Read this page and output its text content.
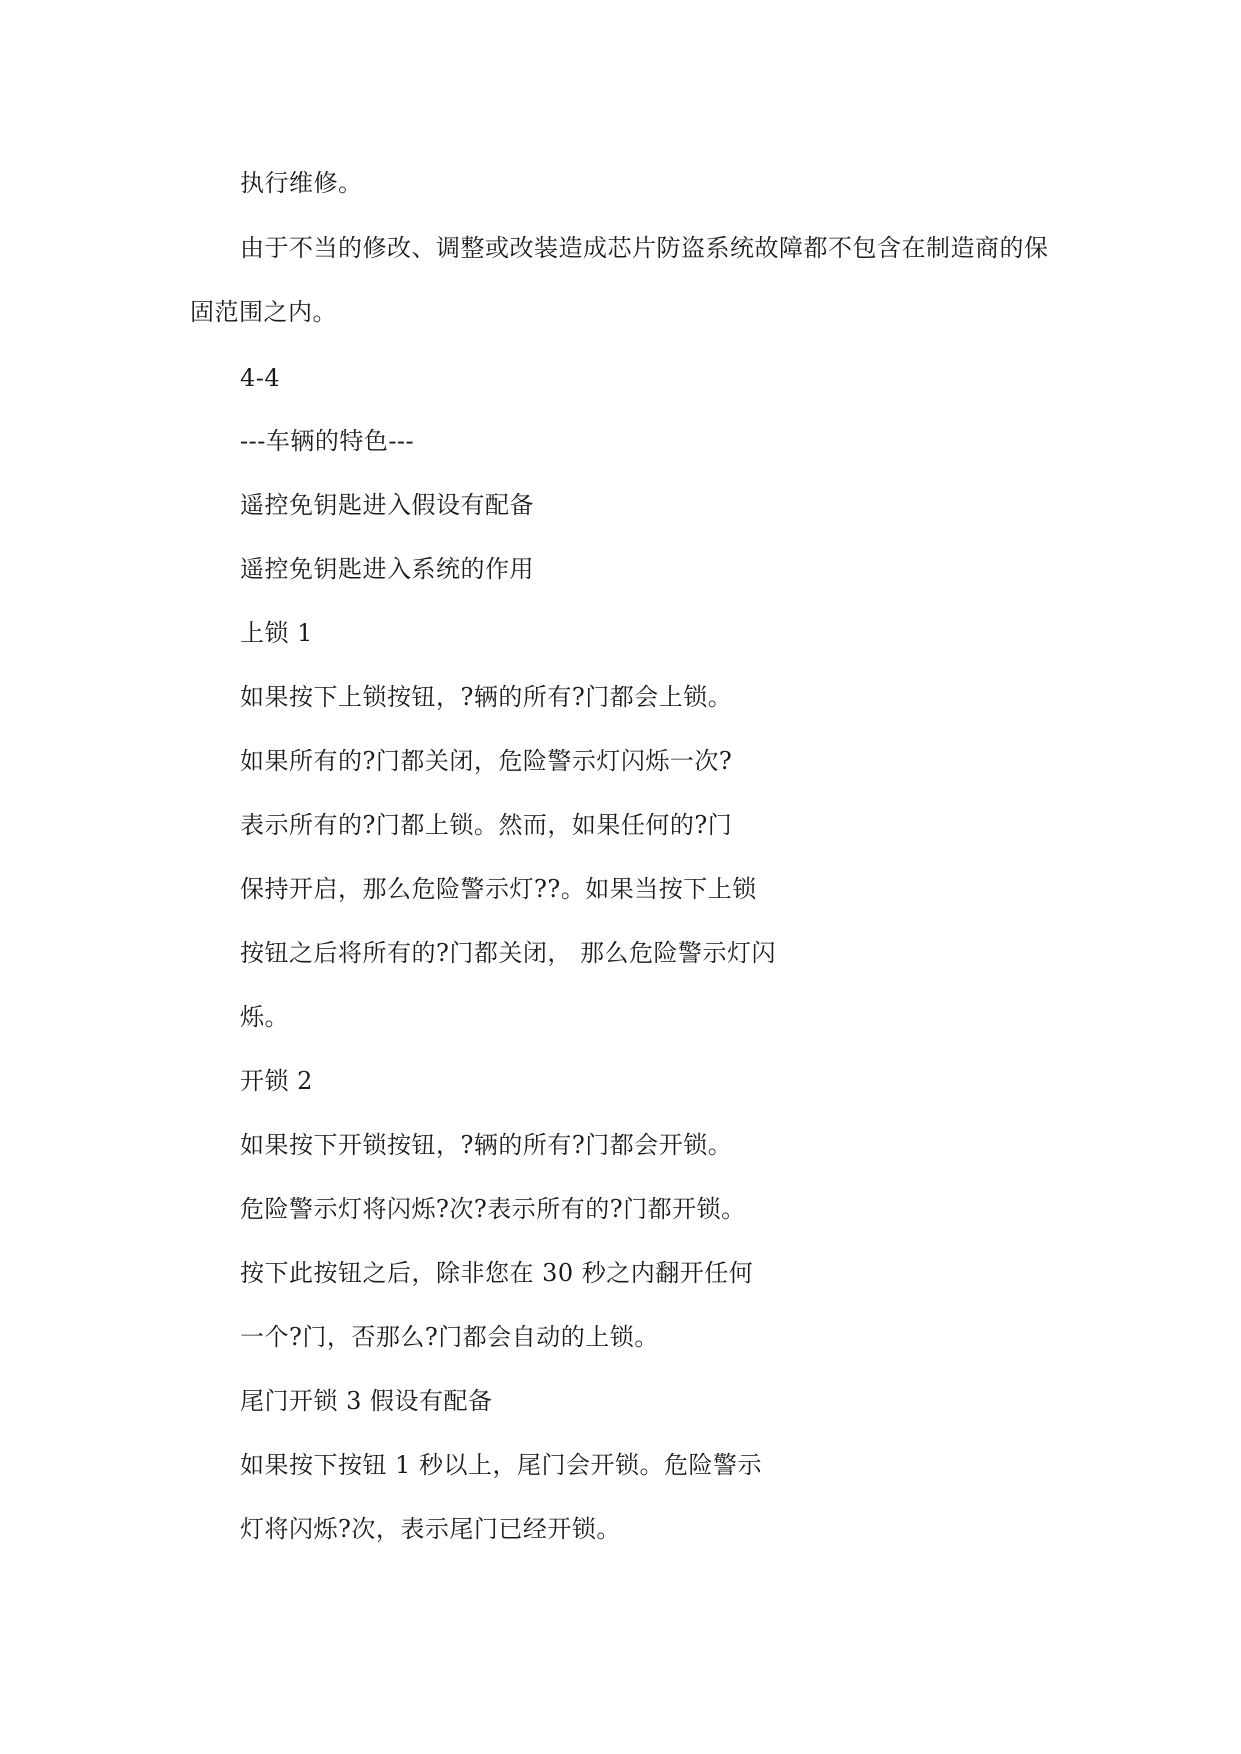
执行维修。
由于不当的修改、调整或改装造成芯片防盗系统故障都不包含在制造商的保
固范围之内。
4-4
---车辆的特色---
遥控免钥匙进入假设有配备
遥控免钥匙进入系统的作用
上锁 1
如果按下上锁按钮，?辆的所有?门都会上锁。
如果所有的?门都关闭，危险警示灯闪烁一次?
表示所有的?门都上锁。然而，如果任何的?门
保持开启，那么危险警示灯??。如果当按下上锁
按钮之后将所有的?门都关闭， 那么危险警示灯闪
烁。
开锁 2
如果按下开锁按钮，?辆的所有?门都会开锁。
危险警示灯将闪烁?次?表示所有的?门都开锁。
按下此按钮之后，除非您在 30 秒之内翻开任何
一个?门，否那么?门都会自动的上锁。
尾门开锁 3 假设有配备
如果按下按钮 1 秒以上，尾门会开锁。危险警示
灯将闪烁?次，表示尾门已经开锁。
